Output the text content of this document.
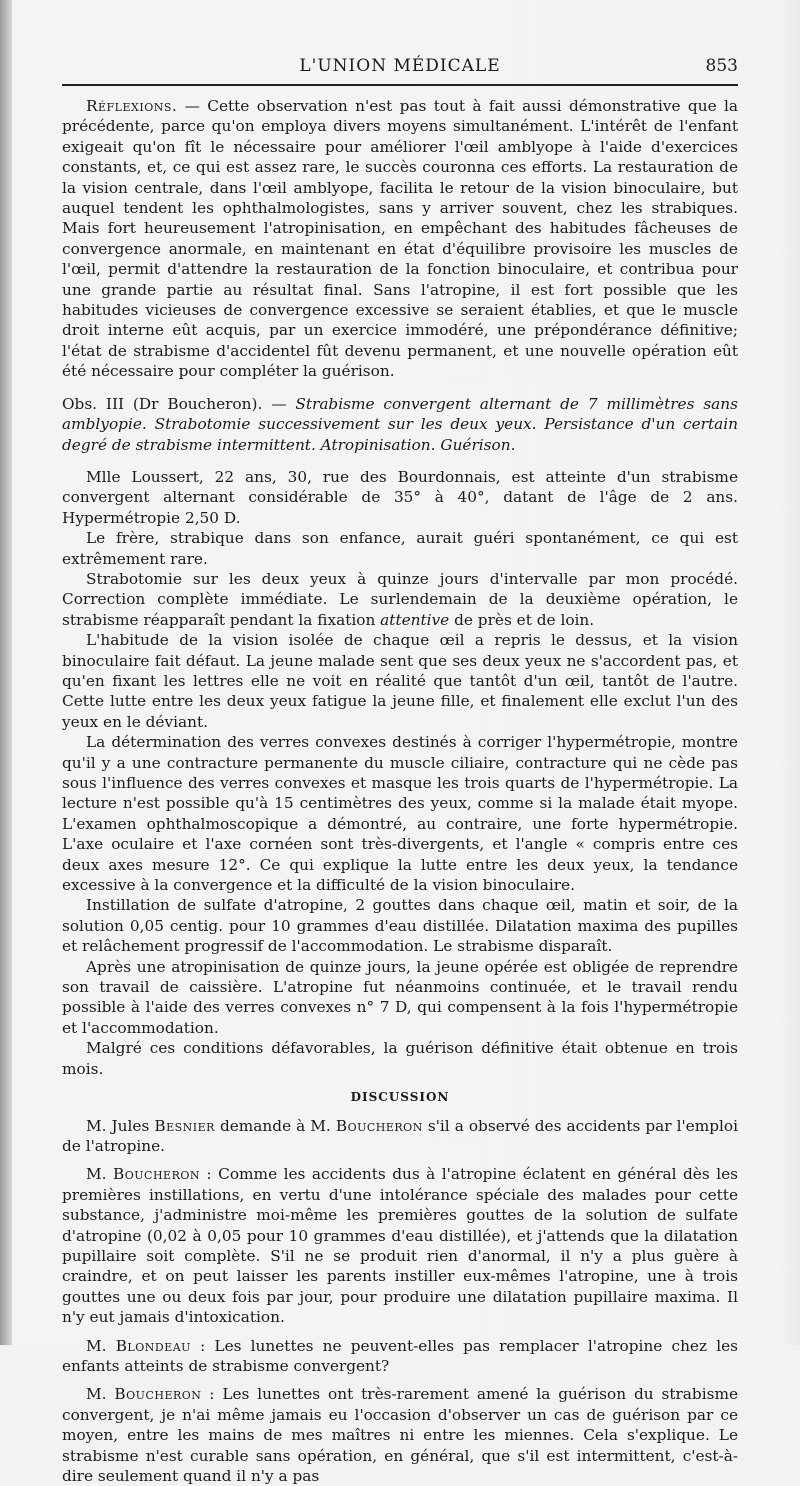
L'UNION MÉDICALE	853

Réflexions. — Cette observation n'est pas tout à fait aussi démonstrative que la précédente, parce qu'on employa divers moyens simultanément. L'intérêt de l'enfant exigeait qu'on fît le nécessaire pour améliorer l'œil amblyope à l'aide d'exercices constants, et, ce qui est assez rare, le succès couronna ces efforts. La restauration de la vision centrale, dans l'œil amblyope, facilita le retour de la vision binoculaire, but auquel tendent les ophthalmologistes, sans y arriver souvent, chez les strabiques. Mais fort heureusement l'atropinisation, en empêchant des habitudes fâcheuses de convergence anormale, en maintenant en état d'équilibre provisoire les muscles de l'œil, permit d'attendre la restauration de la fonction binoculaire, et contribua pour une grande partie au résultat final. Sans l'atropine, il est fort possible que les habitudes vicieuses de convergence excessive se seraient établies, et que le muscle droit interne eût acquis, par un exercice immodéré, une prépondérance définitive; l'état de strabisme d'accidentel fût devenu permanent, et une nouvelle opération eût été nécessaire pour compléter la guérison.

Obs. III (Dr Boucheron). — Strabisme convergent alternant de 7 millimètres sans amblyopie. Strabotomie successivement sur les deux yeux. Persistance d'un certain degré de strabisme intermittent. Atropinisation. Guérison.

Mlle Loussert, 22 ans, 30, rue des Bourdonnais, est atteinte d'un strabisme convergent alternant considérable de 35° à 40°, datant de l'âge de 2 ans. Hypermétropie 2,50 D.

Le frère, strabique dans son enfance, aurait guéri spontanément, ce qui est extrêmement rare.

Strabotomie sur les deux yeux à quinze jours d'intervalle par mon procédé. Correction complète immédiate. Le surlendemain de la deuxième opération, le strabisme réapparaît pendant la fixation attentive de près et de loin.

L'habitude de la vision isolée de chaque œil a repris le dessus, et la vision binoculaire fait défaut. La jeune malade sent que ses deux yeux ne s'accordent pas, et qu'en fixant les lettres elle ne voit en réalité que tantôt d'un œil, tantôt de l'autre. Cette lutte entre les deux yeux fatigue la jeune fille, et finalement elle exclut l'un des yeux en le déviant.

La détermination des verres convexes destinés à corriger l'hypermétropie, montre qu'il y a une contracture permanente du muscle ciliaire, contracture qui ne cède pas sous l'influence des verres convexes et masque les trois quarts de l'hypermétropie. La lecture n'est possible qu'à 15 centimètres des yeux, comme si la malade était myope. L'examen ophthalmoscopique a démontré, au contraire, une forte hypermétropie. L'axe oculaire et l'axe cornéen sont très-divergents, et l'angle « compris entre ces deux axes mesure 12°. Ce qui explique la lutte entre les deux yeux, la tendance excessive à la convergence et la difficulté de la vision binoculaire.

Instillation de sulfate d'atropine, 2 gouttes dans chaque œil, matin et soir, de la solution 0,05 centig. pour 10 grammes d'eau distillée. Dilatation maxima des pupilles et relâchement progressif de l'accommodation. Le strabisme disparaît.

Après une atropinisation de quinze jours, la jeune opérée est obligée de reprendre son travail de caissière. L'atropine fut néanmoins continuée, et le travail rendu possible à l'aide des verres convexes n° 7 D, qui compensent à la fois l'hypermétropie et l'accommodation.

Malgré ces conditions défavorables, la guérison définitive était obtenue en trois mois.

DISCUSSION

M. Jules Besnier demande à M. Boucheron s'il a observé des accidents par l'emploi de l'atropine.

M. Boucheron : Comme les accidents dus à l'atropine éclatent en général dès les premières instillations, en vertu d'une intolérance spéciale des malades pour cette substance, j'administre moi-même les premières gouttes de la solution de sulfate d'atropine (0,02 à 0,05 pour 10 grammes d'eau distillée), et j'attends que la dilatation pupillaire soit complète. S'il ne se produit rien d'anormal, il n'y a plus guère à craindre, et on peut laisser les parents instiller eux-mêmes l'atropine, une à trois gouttes une ou deux fois par jour, pour produire une dilatation pupillaire maxima. Il n'y eut jamais d'intoxication.

M. Blondeau : Les lunettes ne peuvent-elles pas remplacer l'atropine chez les enfants atteints de strabisme convergent?

M. Boucheron : Les lunettes ont très-rarement amené la guérison du strabisme convergent, je n'ai même jamais eu l'occasion d'observer un cas de guérison par ce moyen, entre les mains de mes maîtres ni entre les miennes. Cela s'explique. Le strabisme n'est curable sans opération, en général, que s'il est intermittent, c'est-à-dire seulement quand il n'y a pas
